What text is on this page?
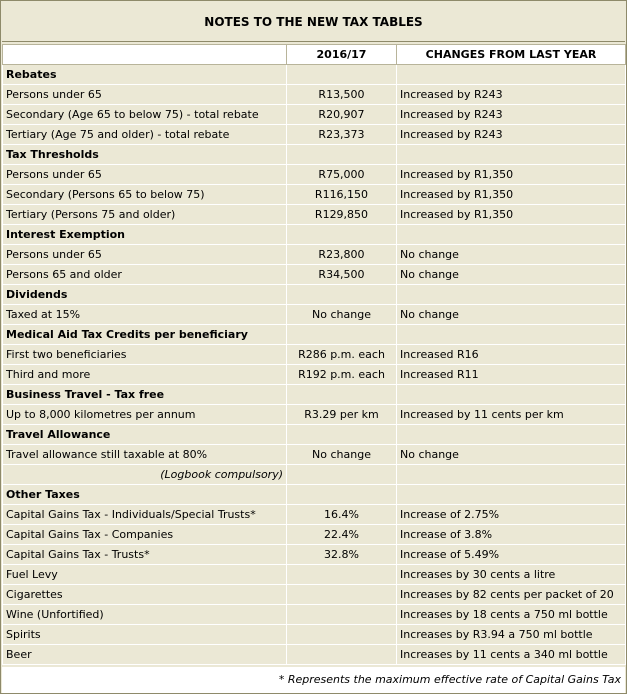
NOTES TO THE NEW TAX TABLES
	2016/17	CHANGES FROM LAST YEAR
Rebates		
Persons under 65	R13,500	Increased by R243
Secondary (Age 65 to below 75) - total rebate	R20,907	Increased by R243
Tertiary (Age 75 and older) - total rebate	R23,373	Increased by R243
Tax Thresholds		
Persons under 65	R75,000	Increased by R1,350
Secondary (Persons 65 to below 75)	R116,150	Increased by R1,350
Tertiary (Persons 75 and older)	R129,850	Increased by R1,350
Interest Exemption		
Persons under 65	R23,800	No change
Persons 65 and older	R34,500	No change
Dividends		
Taxed at 15%	No change	No change
Medical Aid Tax Credits per beneficiary		
First two beneficiaries	R286 p.m. each	Increased R16
Third and more	R192 p.m. each	Increased R11
Business Travel - Tax free		
Up to 8,000 kilometres per annum	R3.29 per km	Increased by 11 cents per km
Travel Allowance		
Travel allowance still taxable at 80%	No change	No change
(Logbook compulsory)		
Other Taxes		
Capital Gains Tax - Individuals/Special Trusts*	16.4%	Increase of 2.75%
Capital Gains Tax - Companies	22.4%	Increase of 3.8%
Capital Gains Tax - Trusts*	32.8%	Increase of 5.49%
Fuel Levy		Increases by 30 cents a litre
Cigarettes		Increases by 82 cents per packet of 20
Wine (Unfortified)		Increases by 18 cents a 750 ml bottle
Spirits		Increases by R3.94 a 750 ml bottle
Beer		Increases by 11 cents a 340 ml bottle
* Represents the maximum effective rate of Capital Gains Tax
